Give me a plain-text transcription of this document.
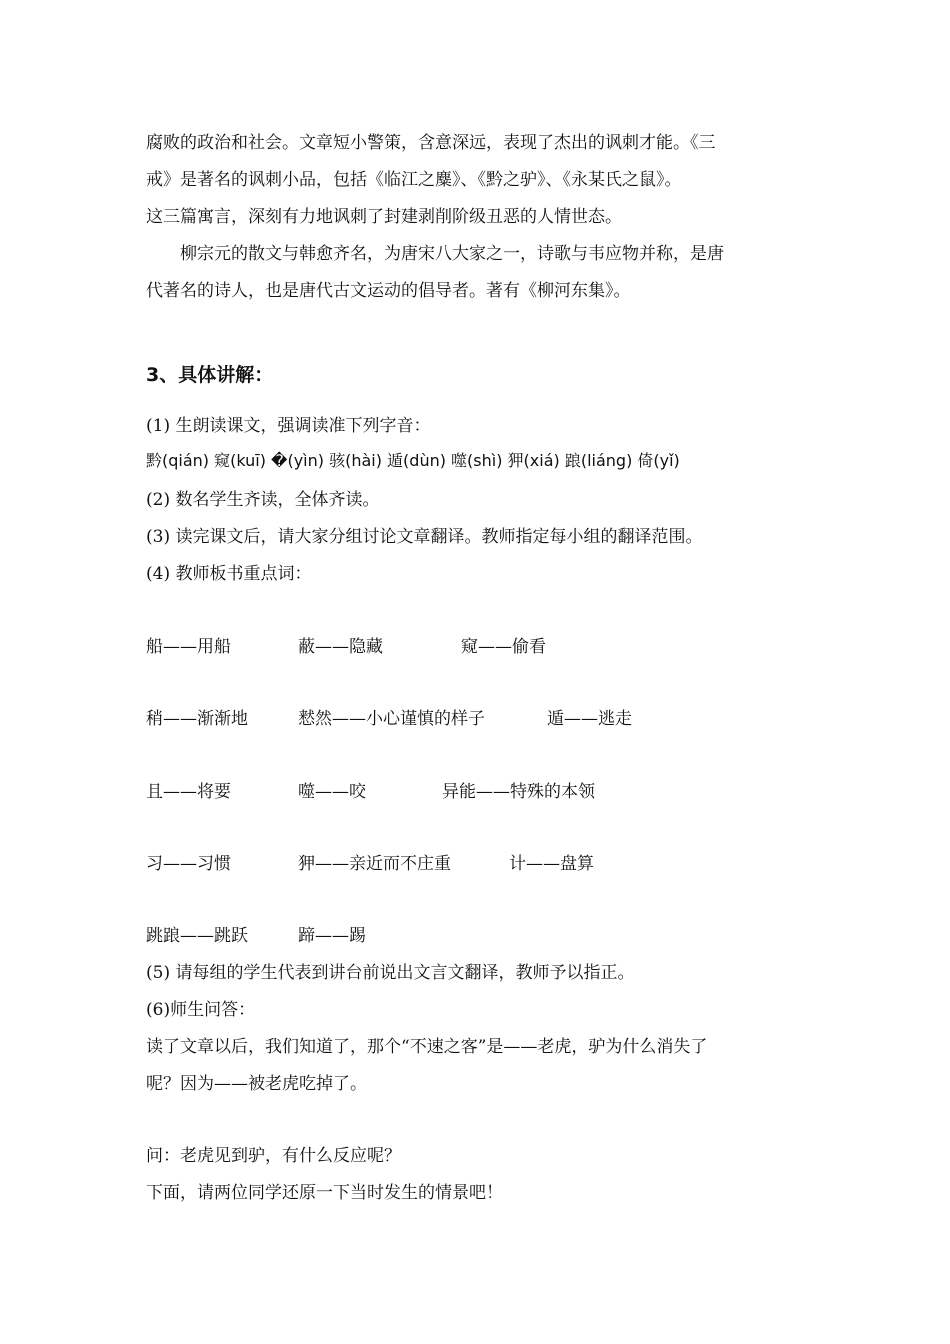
腐败的政治和社会。文章短小警策，含意深远，表现了杰出的讽刺才能。《三
戒》是著名的讽刺小品，包括《临江之麋》、《黔之驴》、《永某氏之鼠》。
这三篇寓言，深刻有力地讽刺了封建剥削阶级丑恶的人情世态。
柳宗元的散文与韩愈齐名，为唐宋八大家之一，诗歌与韦应物并称，是唐
代著名的诗人，也是唐代古文运动的倡导者。著有《柳河东集》。
3、具体讲解：
(1) 生朗读课文，强调读准下列字音：
黔(qián) 窥(kuī) �(yìn) 骇(hài) 遁(dùn) 噬(shì) 狎(xiá) 踉(liáng) 倚(yǐ)
(2) 数名学生齐读，全体齐读。
(3) 读完课文后，请大家分组讨论文章翻译。教师指定每小组的翻译范围。
(4) 教师板书重点词：
船——用船	蔽——隐藏	窥——偷看
稍——渐渐地	慭然——小心谨慎的样子	遁——逃走
且——将要	噬——咬	异能——特殊的本领
习——习惯	狎——亲近而不庄重	计——盘算
跳踉——跳跃	蹄——踢
(5) 请每组的学生代表到讲台前说出文言文翻译，教师予以指正。
(6)师生问答：
读了文章以后，我们知道了，那个“不速之客”是——老虎，驴为什么消失了
呢？因为——被老虎吃掉了。
问：老虎见到驴，有什么反应呢？
下面，请两位同学还原一下当时发生的情景吧！
